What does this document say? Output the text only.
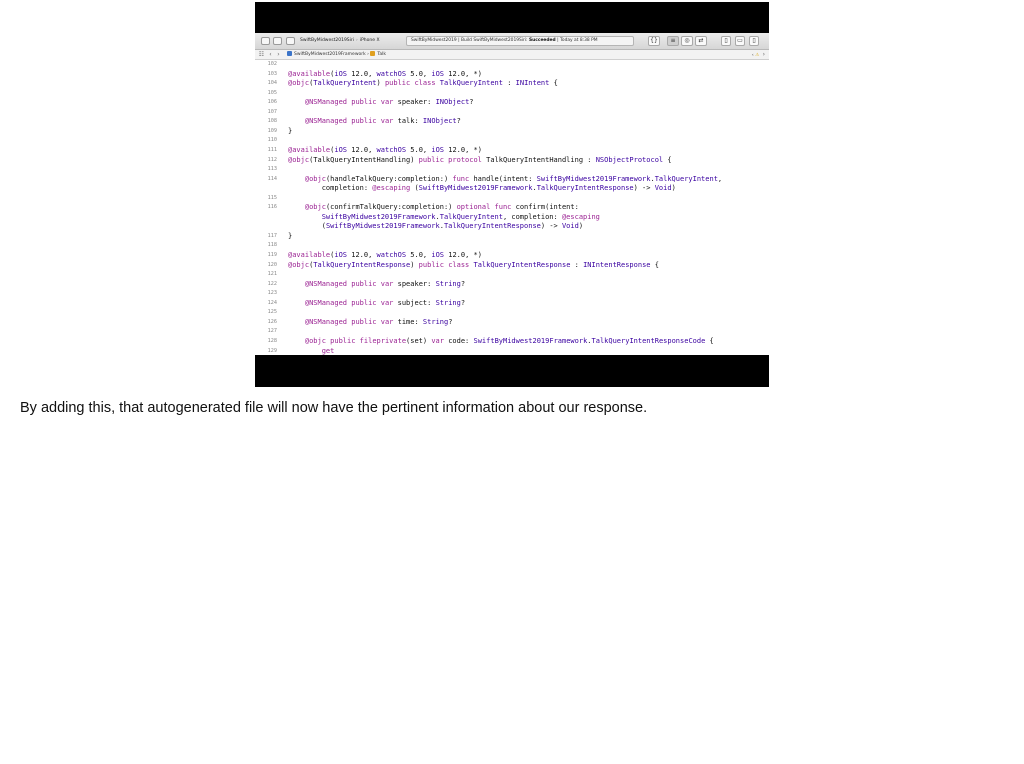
SwiftByMidwest2019Siri › iPhone X	SwiftByMidwest2019 | Build SwiftByMidwest2019Siri: Succeeded | Today at 8:38 PM	{}	≡	◎	⇄	▯	▭	▯
☷ ‹ ›	SwiftByMidwest2019Framework › Talk	‹ ⚠ ›
102
103
104
105
106
107
108
109
110
111
112
113
114
115
116
117
118
119
120
121
122
123
124
125
126
127
128
129
@available(iOS 12.0, watchOS 5.0, iOS 12.0, *)
@objc(TalkQueryIntent) public class TalkQueryIntent : INIntent {
@NSManaged public var speaker: INObject?
@NSManaged public var talk: INObject?
}
@available(iOS 12.0, watchOS 5.0, iOS 12.0, *)
@objc(TalkQueryIntentHandling) public protocol TalkQueryIntentHandling : NSObjectProtocol {
@objc(handleTalkQuery:completion:) func handle(intent: SwiftByMidwest2019Framework.TalkQueryIntent,
completion: @escaping (SwiftByMidwest2019Framework.TalkQueryIntentResponse) -> Void)
@objc(confirmTalkQuery:completion:) optional func confirm(intent:
SwiftByMidwest2019Framework.TalkQueryIntent, completion: @escaping
(SwiftByMidwest2019Framework.TalkQueryIntentResponse) -> Void)
}
@available(iOS 12.0, watchOS 5.0, iOS 12.0, *)
@objc(TalkQueryIntentResponse) public class TalkQueryIntentResponse : INIntentResponse {
@NSManaged public var speaker: String?
@NSManaged public var subject: String?
@NSManaged public var time: String?
@objc public fileprivate(set) var code: SwiftByMidwest2019Framework.TalkQueryIntentResponseCode {
get
By adding this, that autogenerated file will now have the pertinent information about our response.
